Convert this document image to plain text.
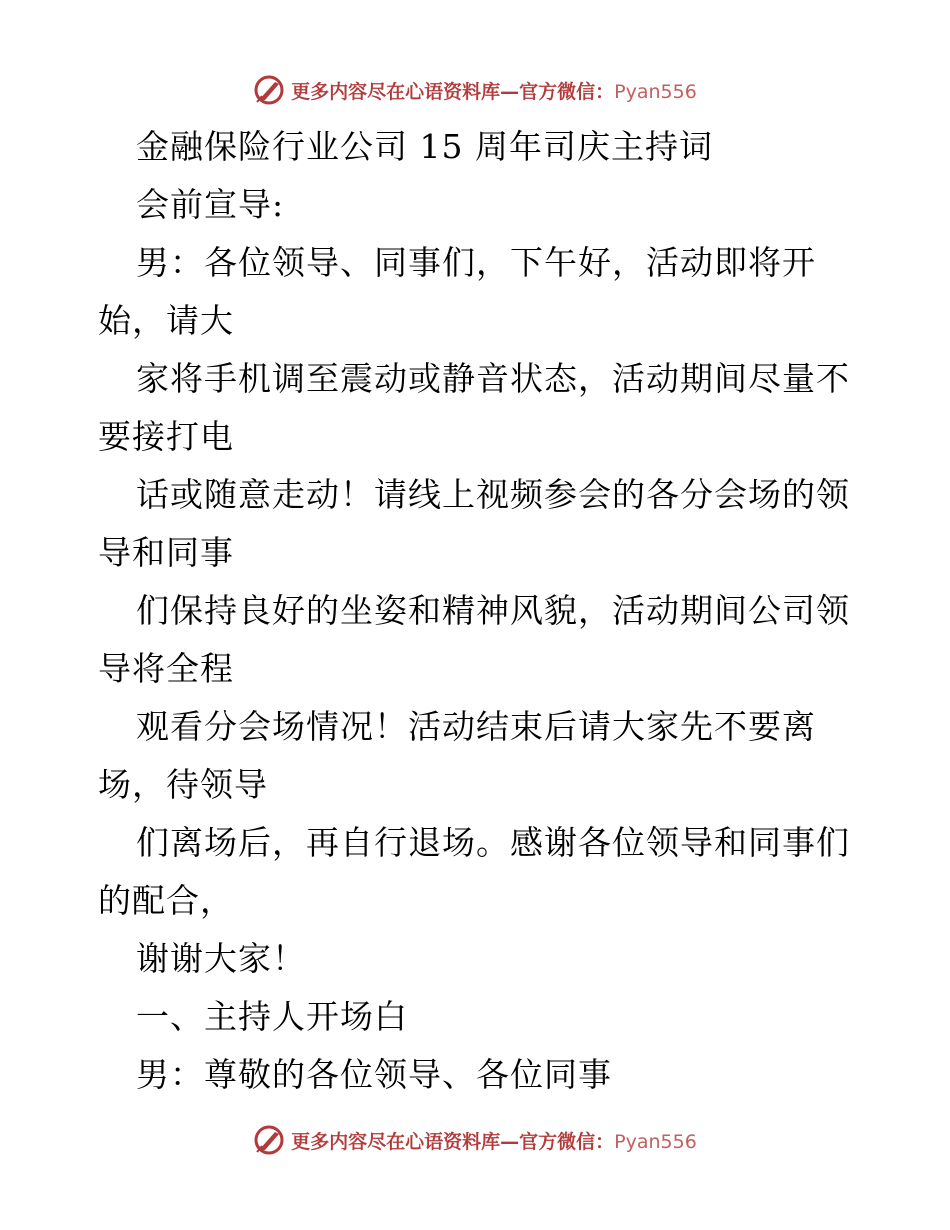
更多内容尽在心语资料库—官方微信：Pyan556
金融保险行业公司 15 周年司庆主持词
会前宣导:
男：各位领导、同事们，下午好，活动即将开
始，请大
家将手机调至震动或静音状态，活动期间尽量不
要接打电
话或随意走动！请线上视频参会的各分会场的领
导和同事
们保持良好的坐姿和精神风貌，活动期间公司领
导将全程
观看分会场情况！活动结束后请大家先不要离
场，待领导
们离场后，再自行退场。感谢各位领导和同事们
的配合，
谢谢大家！
一、主持人开场白
男：尊敬的各位领导、各位同事
更多内容尽在心语资料库—官方微信：Pyan556
